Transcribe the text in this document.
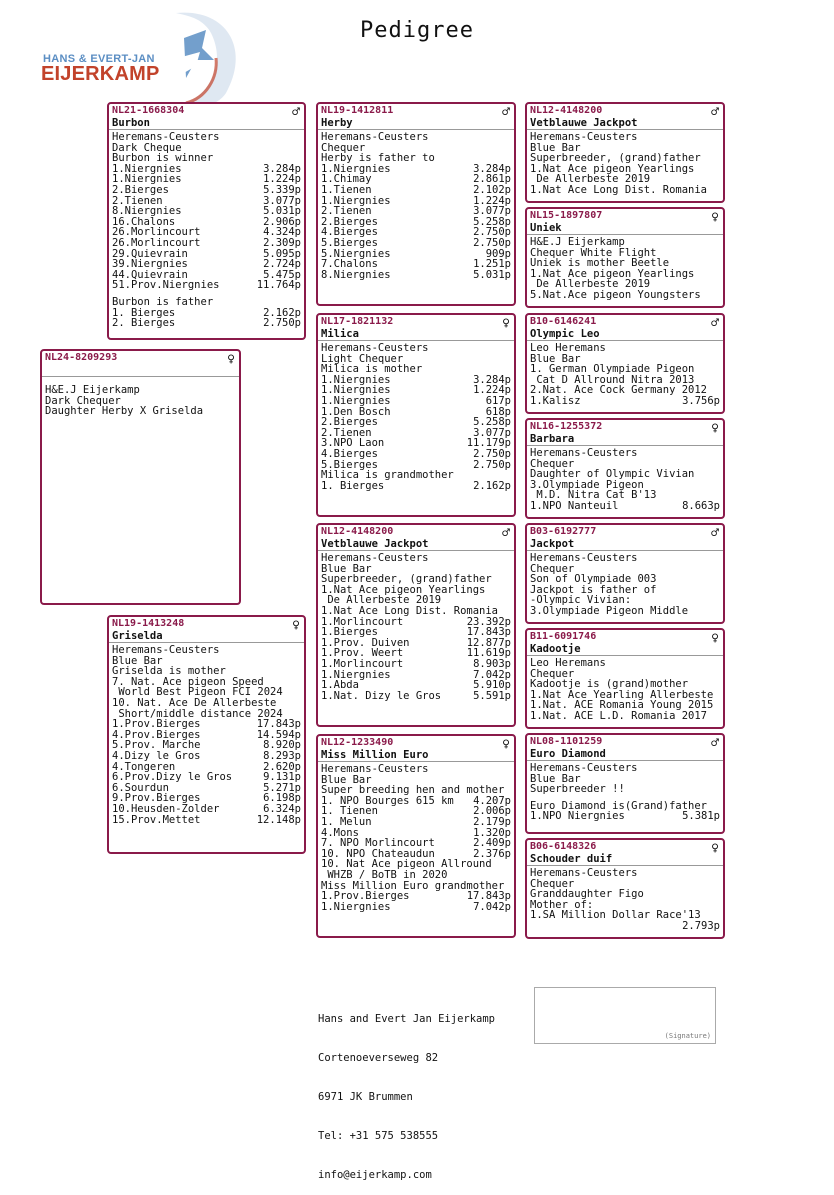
Pedigree
HANS & EVERT-JAN
EIJERKAMP
NL21-1668304
Burbon
♂
Heremans-Ceusters
Dark Cheque
Burbon is winner
1.Niergnies	3.284p
1.Niergnies	1.224p
2.Bierges	5.339p
2.Tienen	3.077p
8.Niergnies	5.031p
16.Chalons	2.906p
26.Morlincourt	4.324p
26.Morlincourt	2.309p
29.Quievrain	5.095p
39.Niergnies	2.724p
44.Quievrain	5.475p
51.Prov.Niergnies	11.764p
Burbon is father
1. Bierges	2.162p
2. Bierges	2.750p
NL24-8209293	♀
H&E.J Eijerkamp
Dark Chequer
Daughter Herby X Griselda
NL19-1413248
Griselda
♀
Heremans-Ceusters
Blue Bar
Griselda is mother
7. Nat. Ace pigeon Speed
World Best Pigeon FCI 2024
10. Nat. Ace De Allerbeste
Short/middle distance 2024
1.Prov.Bierges	17.843p
4.Prov.Bierges	14.594p
5.Prov. Marche	8.920p
4.Dizy le Gros	8.293p
4.Tongeren	2.620p
6.Prov.Dizy le Gros	9.131p
6.Sourdun	5.271p
9.Prov.Bierges	6.198p
10.Heusden-Zolder	6.324p
15.Prov.Mettet	12.148p
NL19-1412811
Herby
♂
Heremans-Ceusters
Chequer
Herby is father to
1.Niergnies	3.284p
1.Chimay	2.861p
1.Tienen	2.102p
1.Niergnies	1.224p
2.Tienen	3.077p
2.Bierges	5.258p
4.Bierges	2.750p
5.Bierges	2.750p
5.Niergnies	909p
7.Chalons	1.251p
8.Niergnies	5.031p
NL17-1821132
Milica
♀
Heremans-Ceusters
Light Chequer
Milica is mother
1.Niergnies	3.284p
1.Niergnies	1.224p
1.Niergnies	617p
1.Den Bosch	618p
2.Bierges	5.258p
2.Tienen	3.077p
3.NPO Laon	11.179p
4.Bierges	2.750p
5.Bierges	2.750p
Milica is grandmother
1. Bierges	2.162p
NL12-4148200
Vetblauwe Jackpot
♂
Heremans-Ceusters
Blue Bar
Superbreeder, (grand)father
1.Nat Ace pigeon Yearlings
De Allerbeste 2019
1.Nat Ace Long Dist. Romania
1.Morlincourt	23.392p
1.Bierges	17.843p
1.Prov. Duiven	12.877p
1.Prov. Weert	11.619p
1.Morlincourt	8.903p
1.Niergnies	7.042p
1.Abda	5.910p
1.Nat. Dizy le Gros	5.591p
NL12-1233490
Miss Million Euro
♀
Heremans-Ceusters
Blue Bar
Super breeding hen and mother
1. NPO Bourges 615 km 4.207p
1. Tienen	2.006p
1. Melun	2.179p
4.Mons	1.320p
7. NPO Morlincourt	2.409p
10. NPO Chateaudun	2.376p
10. Nat Ace pigeon Allround
WHZB / BoTB in 2020
Miss Million Euro grandmother
1.Prov.Bierges	17.843p
1.Niergnies	7.042p
NL12-4148200
Vetblauwe Jackpot
♂
Heremans-Ceusters
Blue Bar
Superbreeder, (grand)father
1.Nat Ace pigeon Yearlings
De Allerbeste 2019
1.Nat Ace Long Dist. Romania
NL15-1897807
Uniek
♀
H&E.J Eijerkamp
Chequer White Flight
Uniek is mother Beetle
1.Nat Ace pigeon Yearlings
De Allerbeste 2019
5.Nat.Ace pigeon Youngsters
B10-6146241
Olympic Leo
♂
Leo Heremans
Blue Bar
1. German Olympiade Pigeon
Cat D Allround Nitra 2013
2.Nat. Ace Cock Germany 2012
1.Kalisz	3.756p
NL16-1255372
Barbara
♀
Heremans-Ceusters
Chequer
Daughter of Olympic Vivian
3.Olympiade Pigeon
M.D. Nitra Cat B'13
1.NPO Nanteuil	8.663p
B03-6192777
Jackpot
♂
Heremans-Ceusters
Chequer
Son of Olympiade 003
Jackpot is father of
-Olympic Vivian:
3.Olympiade Pigeon Middle
B11-6091746
Kadootje
♀
Leo Heremans
Chequer
Kadootje is (grand)mother
1.Nat Ace Yearling Allerbeste
1.Nat. ACE Romania Young 2015
1.Nat. ACE L.D. Romania 2017
NL08-1101259
Euro Diamond
♂
Heremans-Ceusters
Blue Bar
Superbreeder !!
Euro Diamond is(Grand)father
1.NPO Niergnies	5.381p
B06-6148326
Schouder duif
♀
Heremans-Ceusters
Chequer
Granddaughter Figo
Mother of:
1.SA Million Dollar Race'13
2.793p

Hans and Evert Jan Eijerkamp

Cortenoeverseweg 82

6971 JK Brummen

Tel: +31 575 538555

info@eijerkamp.com

(Signature)
